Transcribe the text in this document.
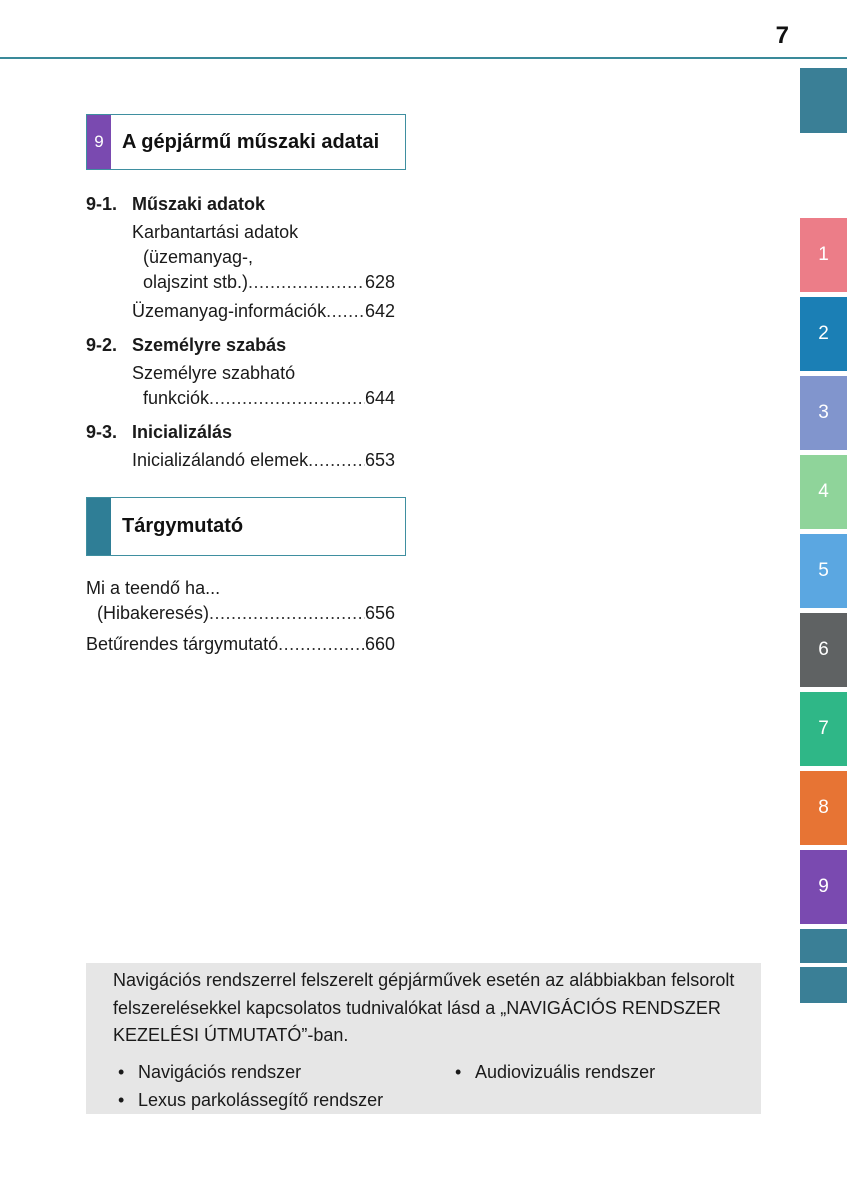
7
9 A gépjármű műszaki adatai
9-1. Műszaki adatok
Karbantartási adatok
(üzemanyag-,
olajszint stb.) .....	628
Üzemanyag-információk ..... 642
9-2. Személyre szabás
Személyre szabható
funkciók .....	644
9-3. Inicializálás
Inicializálandó elemek .....	653
Tárgymutató
Mi a teendő ha...
(Hibakeresés) .....	656
Betűrendes tárgymutató .....	660
1
2
3
4
5
6
7
8
9
Navigációs rendszerrel felszerelt gépjárművek esetén az alábbiakban felsorolt
felszerelésekkel kapcsolatos tudnivalókat lásd a „NAVIGÁCIÓS RENDSZER
KEZELÉSI ÚTMUTATÓ”-ban.
• Navigációs rendszer	• Audiovizuális rendszer
• Lexus parkolássegítő rendszer
